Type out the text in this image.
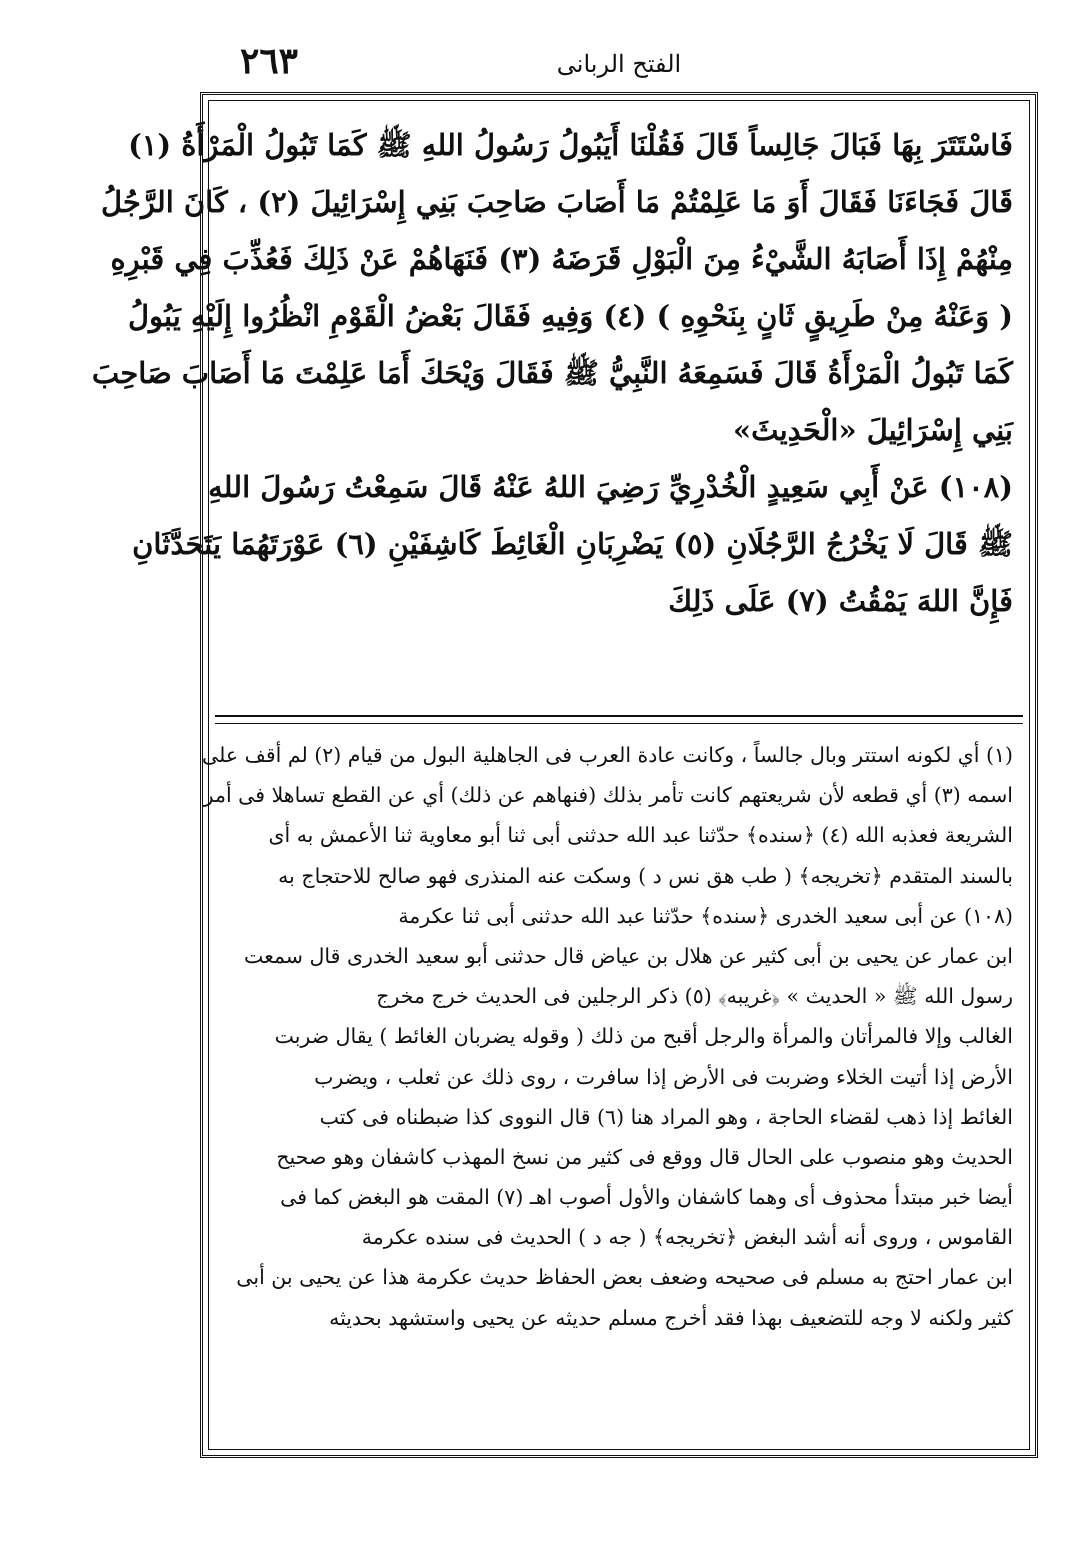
٢٦٣	الفتح الربانى
فَاسْتَتَرَ بِهَا فَبَالَ جَالِساً قَالَ فَقُلْنَا أَيَبُولُ رَسُولُ اللهِ ﷺ كَمَا تَبُولُ الْمَرْأَةُ (١)
قَالَ فَجَاءَنَا فَقَالَ أَوَ مَا عَلِمْتُمْ مَا أَصَابَ صَاحِبَ بَنِي إِسْرَائِيلَ (٢) ، كَانَ الرَّجُلُ
مِنْهُمْ إِذَا أَصَابَهُ الشَّيْءُ مِنَ الْبَوْلِ قَرَضَهُ (٣) فَنَهَاهُمْ عَنْ ذَلِكَ فَعُذِّبَ فِي قَبْرِهِ
( وَعَنْهُ مِنْ طَرِيقٍ ثَانٍ بِنَحْوِهِ ) (٤) وَفِيهِ فَقَالَ بَعْضُ الْقَوْمِ انْظُرُوا إِلَيْهِ يَبُولُ
كَمَا تَبُولُ الْمَرْأَةُ قَالَ فَسَمِعَهُ النَّبِيُّ ﷺ فَقَالَ وَيْحَكَ أَمَا عَلِمْتَ مَا أَصَابَ صَاحِبَ
بَنِي إِسْرَائِيلَ «الْحَدِيثَ»
(١٠٨) عَنْ أَبِي سَعِيدٍ الْخُدْرِيِّ رَضِيَ اللهُ عَنْهُ قَالَ سَمِعْتُ رَسُولَ اللهِ
ﷺ قَالَ لَا يَخْرُجُ الرَّجُلَانِ (٥) يَضْرِبَانِ الْغَائِطَ كَاشِفَيْنِ (٦) عَوْرَتَهُمَا يَتَحَدَّثَانِ
فَإِنَّ اللهَ يَمْقُتُ (٧) عَلَى ذَلِكَ
(١) أي لكونه استتر وبال جالساً ، وكانت عادة العرب فى الجاهلية البول من قيام (٢) لم أقف على
اسمه (٣) أي قطعه لأن شريعتهم كانت تأمر بذلك (فنهاهم عن ذلك) أي عن القطع تساهلا فى أمر
الشريعة فعذبه الله (٤) ﴿سنده﴾ حدّثنا عبد الله حدثنى أبى ثنا أبو معاوية ثنا الأعمش به أى
بالسند المتقدم ﴿تخريجه﴾ ( طب هق نس د ) وسكت عنه المنذرى فهو صالح للاحتجاج به
(١٠٨) عن أبى سعيد الخدرى ﴿سنده﴾ حدّثنا عبد الله حدثنى أبى ثنا عكرمة
ابن عمار عن يحيى بن أبى كثير عن هلال بن عياض قال حدثنى أبو سعيد الخدرى قال سمعت
رسول الله ﷺ « الحديث » ﴿غريبه﴾ (٥) ذكر الرجلين فى الحديث خرج مخرج
الغالب وإلا فالمرأتان والمرأة والرجل أقبح من ذلك ( وقوله يضربان الغائط ) يقال ضربت
الأرض إذا أتيت الخلاء وضربت فى الأرض إذا سافرت ، روى ذلك عن ثعلب ، ويضرب
الغائط إذا ذهب لقضاء الحاجة ، وهو المراد هنا (٦) قال النووى كذا ضبطناه فى كتب
الحديث وهو منصوب على الحال قال ووقع فى كثير من نسخ المهذب كاشفان وهو صحيح
أيضا خبر مبتدأ محذوف أى وهما كاشفان والأول أصوب اهـ (٧) المقت هو البغض كما فى
القاموس ، وروى أنه أشد البغض ﴿تخريجه﴾ ( جه د ) الحديث فى سنده عكرمة
ابن عمار احتج به مسلم فى صحيحه وضعف بعض الحفاظ حديث عكرمة هذا عن يحيى بن أبى
كثير ولكنه لا وجه للتضعيف بهذا فقد أخرج مسلم حديثه عن يحيى واستشهد بحديثه
